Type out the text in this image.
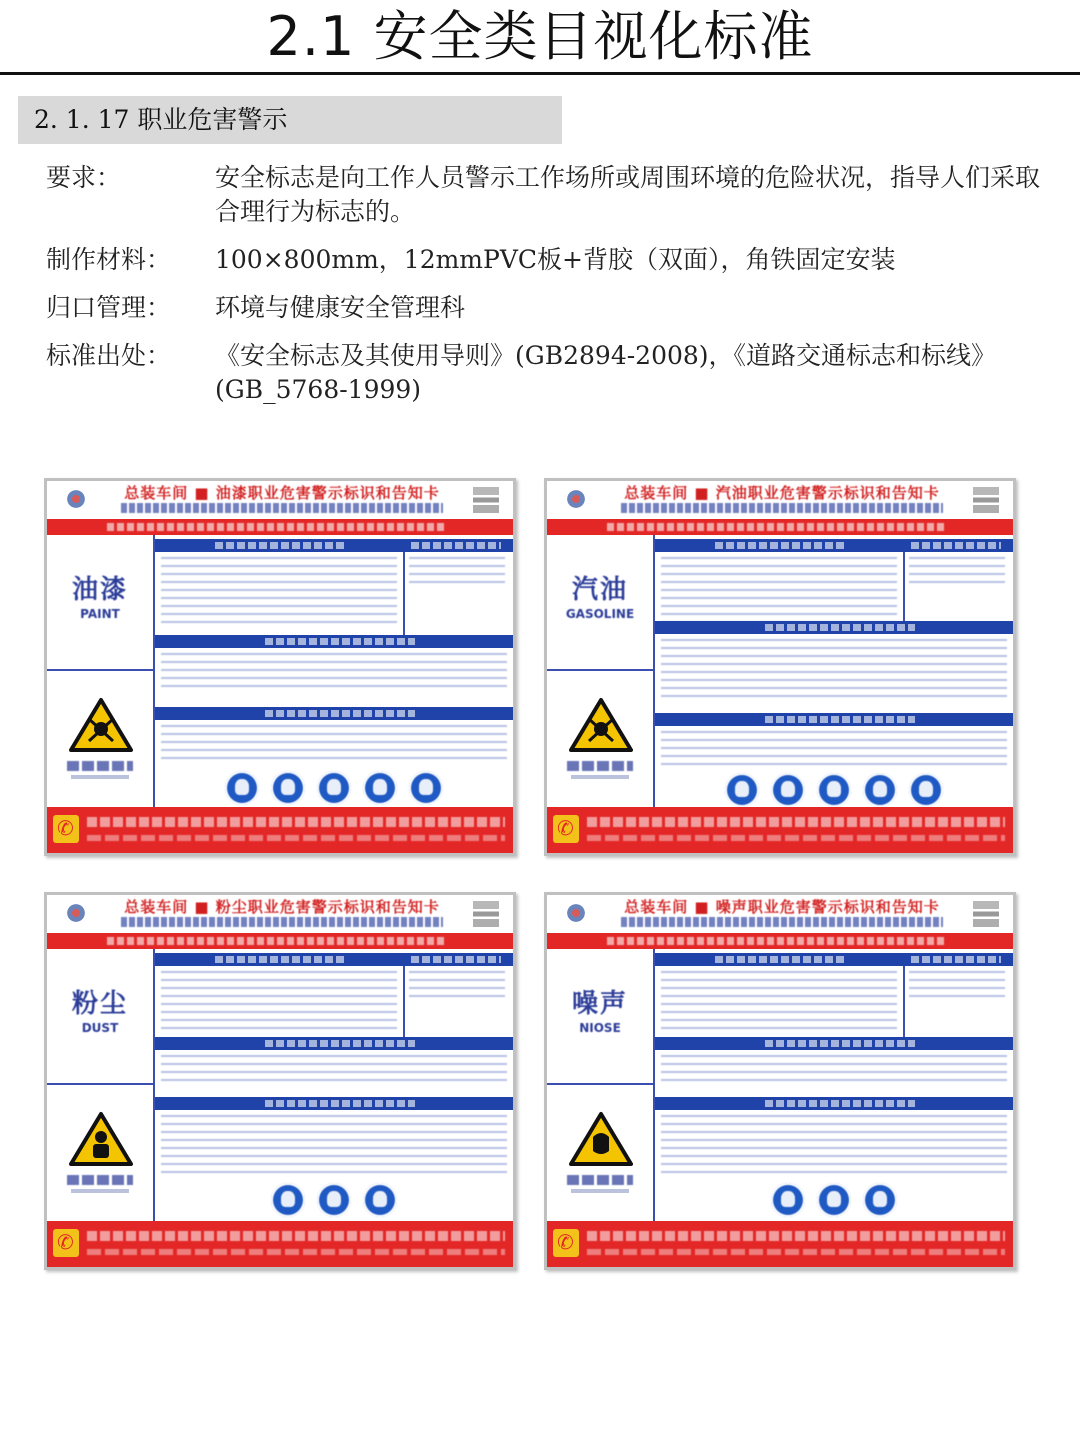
2.1 安全类目视化标准
2. 1. 17 职业危害警示
要求：	安全标志是向工作人员警示工作场所或周围环境的危险状况，指导人们采取合理行为标志的。
制作材料：	100×800mm，12mmPVC板+背胶（双面），角铁固定安装
归口管理：	环境与健康安全管理科
标准出处：	《安全标志及其使用导则》(GB2894-2008)，《道路交通标志和标线》(GB_5768-1999)
总装车间 ■ 油漆职业危害警示标识和告知卡
油漆
PAINT
✆
总装车间 ■ 汽油职业危害警示标识和告知卡
汽油
GASOLINE
✆
总装车间 ■ 粉尘职业危害警示标识和告知卡
粉尘
DUST
✆
总装车间 ■ 噪声职业危害警示标识和告知卡
噪声
NIOSE
✆
